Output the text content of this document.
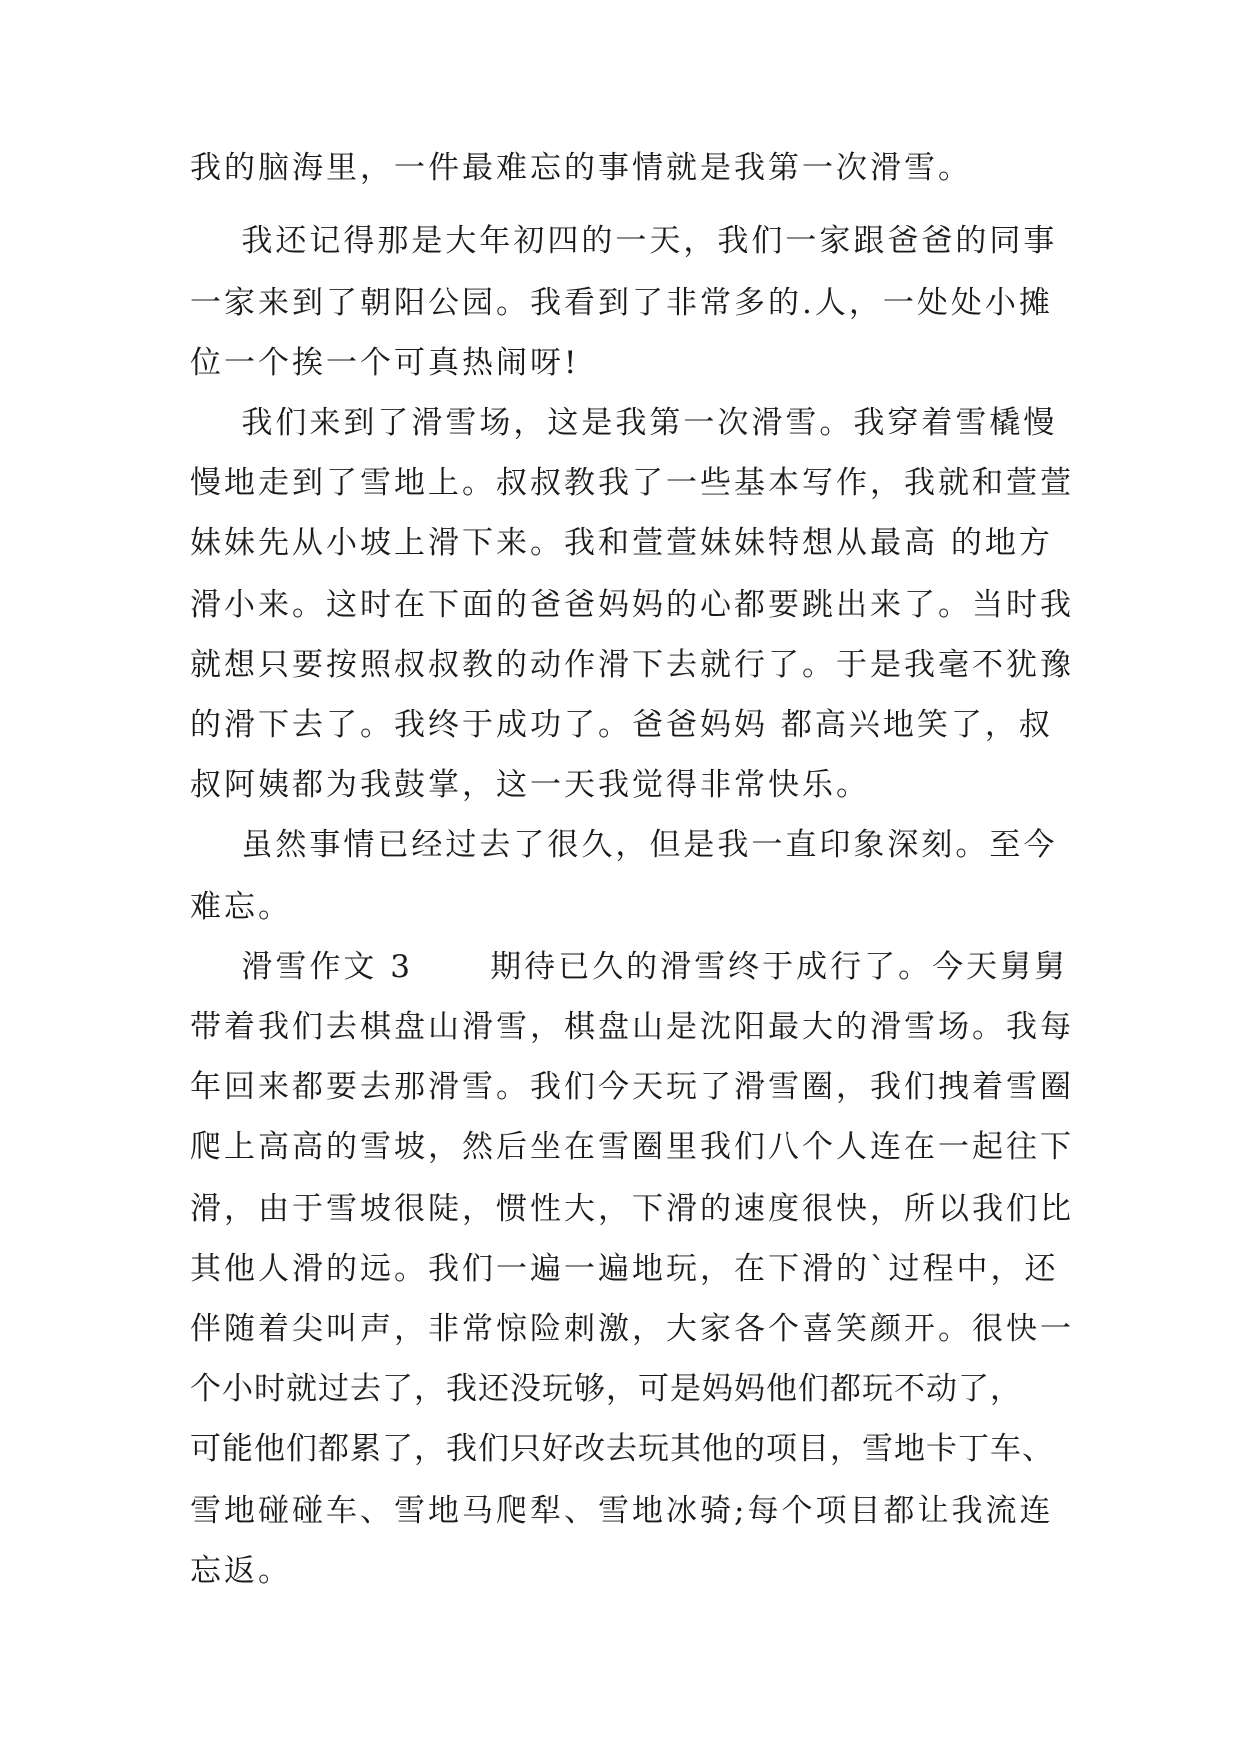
我的脑海里，一件最难忘的事情就是我第一次滑雪。
我还记得那是大年初四的一天，我们一家跟爸爸的同事
一家来到了朝阳公园。我看到了非常多的.人，一处处小摊
位一个挨一个可真热闹呀!
我们来到了滑雪场，这是我第一次滑雪。我穿着雪橇慢
慢地走到了雪地上。叔叔教我了一些基本写作，我就和萱萱
妹妹先从小坡上滑下来。我和萱萱妹妹特想从最高 的地方
滑小来。这时在下面的爸爸妈妈的心都要跳出来了。当时我
就想只要按照叔叔教的动作滑下去就行了。于是我毫不犹豫
的滑下去了。我终于成功了。爸爸妈妈 都高兴地笑了，叔
叔阿姨都为我鼓掌，这一天我觉得非常快乐。
虽然事情已经过去了很久，但是我一直印象深刻。至今
难忘。
滑雪作文 3      期待已久的滑雪终于成行了。今天舅舅
带着我们去棋盘山滑雪，棋盘山是沈阳最大的滑雪场。我每
年回来都要去那滑雪。我们今天玩了滑雪圈，我们拽着雪圈
爬上高高的雪坡，然后坐在雪圈里我们八个人连在一起往下
滑，由于雪坡很陡，惯性大，下滑的速度很快，所以我们比
其他人滑的远。我们一遍一遍地玩，在下滑的`过程中，还
伴随着尖叫声，非常惊险刺激，大家各个喜笑颜开。很快一
个小时就过去了，我还没玩够，可是妈妈他们都玩不动了，
可能他们都累了，我们只好改去玩其他的项目，雪地卡丁车、
雪地碰碰车、雪地马爬犁、雪地冰骑;每个项目都让我流连
忘返。
